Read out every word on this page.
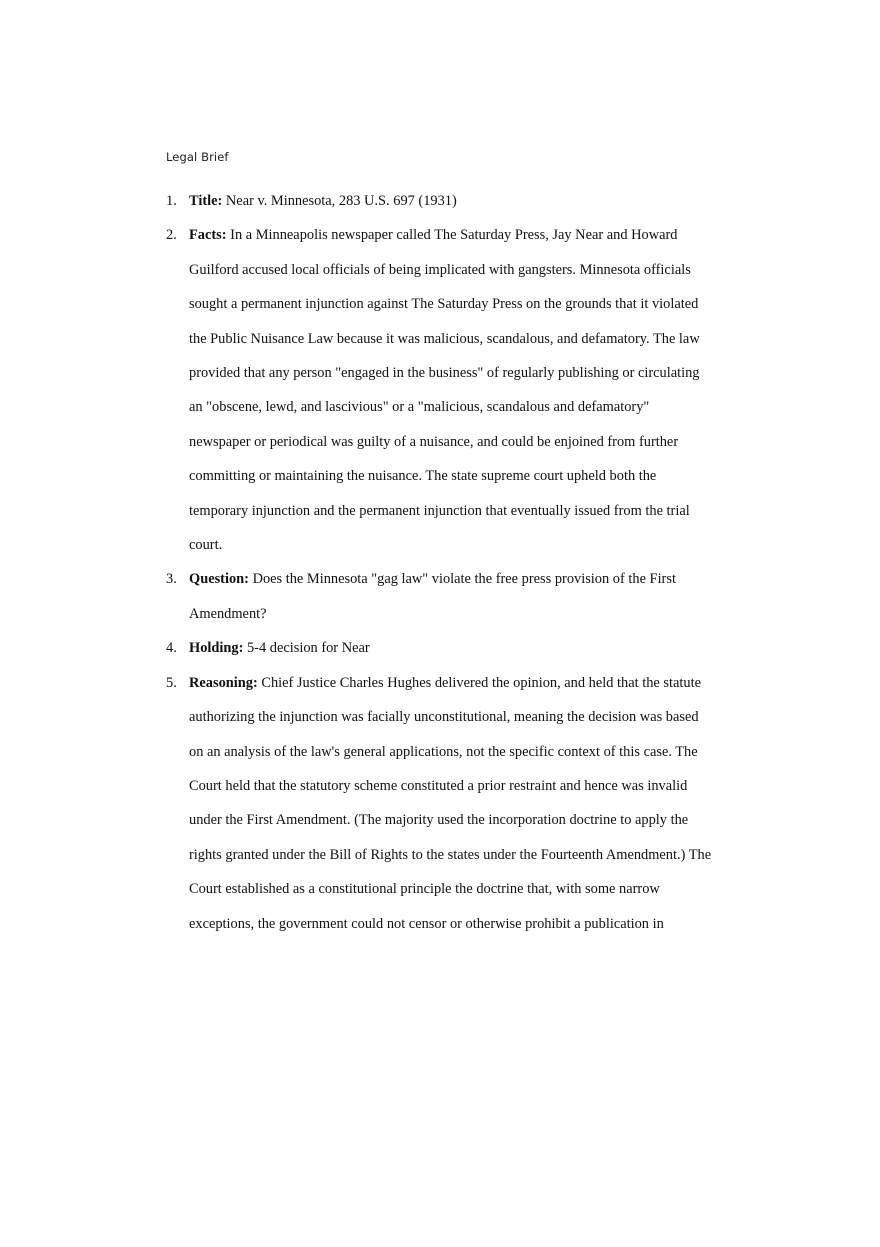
Legal Brief
1. Title: Near v. Minnesota, 283 U.S. 697 (1931)
2. Facts: In a Minneapolis newspaper called The Saturday Press, Jay Near and Howard
Guilford accused local officials of being implicated with gangsters. Minnesota officials
sought a permanent injunction against The Saturday Press on the grounds that it violated
the Public Nuisance Law because it was malicious, scandalous, and defamatory. The law
provided that any person "engaged in the business" of regularly publishing or circulating
an "obscene, lewd, and lascivious" or a "malicious, scandalous and defamatory"
newspaper or periodical was guilty of a nuisance, and could be enjoined from further
committing or maintaining the nuisance. The state supreme court upheld both the
temporary injunction and the permanent injunction that eventually issued from the trial
court.
3. Question: Does the Minnesota "gag law" violate the free press provision of the First
Amendment?
4. Holding: 5-4 decision for Near
5. Reasoning: Chief Justice Charles Hughes delivered the opinion, and held that the statute
authorizing the injunction was facially unconstitutional, meaning the decision was based
on an analysis of the law's general applications, not the specific context of this case. The
Court held that the statutory scheme constituted a prior restraint and hence was invalid
under the First Amendment. (The majority used the incorporation doctrine to apply the
rights granted under the Bill of Rights to the states under the Fourteenth Amendment.) The
Court established as a constitutional principle the doctrine that, with some narrow
exceptions, the government could not censor or otherwise prohibit a publication in
